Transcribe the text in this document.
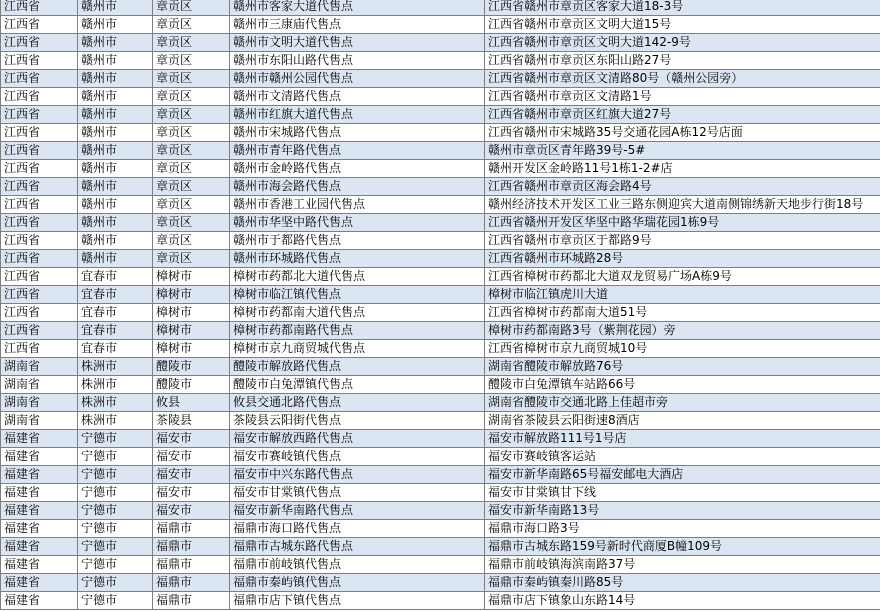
江西省	赣州市	章贡区	赣州市客家大道代售点	江西省赣州市章贡区客家大道18-3号
江西省	赣州市	章贡区	赣州市三康庙代售点	江西省赣州市章贡区文明大道15号
江西省	赣州市	章贡区	赣州市文明大道代售点	江西省赣州市章贡区文明大道142-9号
江西省	赣州市	章贡区	赣州市东阳山路代售点	江西省赣州市章贡区东阳山路27号
江西省	赣州市	章贡区	赣州市赣州公园代售点	江西省赣州市章贡区文清路80号（赣州公园旁）
江西省	赣州市	章贡区	赣州市文清路代售点	江西省赣州市章贡区文清路1号
江西省	赣州市	章贡区	赣州市红旗大道代售点	江西省赣州市章贡区红旗大道27号
江西省	赣州市	章贡区	赣州市宋城路代售点	江西省赣州市宋城路35号交通花园A栋12号店面
江西省	赣州市	章贡区	赣州市青年路代售点	赣州市章贡区青年路39号-5#
江西省	赣州市	章贡区	赣州市金岭路代售点	赣州开发区金岭路11号1栋1-2#店
江西省	赣州市	章贡区	赣州市海会路代售点	江西省赣州市章贡区海会路4号
江西省	赣州市	章贡区	赣州市香港工业园代售点	赣州经济技术开发区工业三路东侧迎宾大道南侧锦绣新天地步行街18号
江西省	赣州市	章贡区	赣州市华坚中路代售点	江西省赣州开发区华坚中路华瑞花园1栋9号
江西省	赣州市	章贡区	赣州市于都路代售点	江西省赣州市章贡区于都路9号
江西省	赣州市	章贡区	赣州市环城路代售点	江西省赣州市环城路28号
江西省	宜春市	樟树市	樟树市药都北大道代售点	江西省樟树市药都北大道双龙贸易广场A栋9号
江西省	宜春市	樟树市	樟树市临江镇代售点	樟树市临江镇虎川大道
江西省	宜春市	樟树市	樟树市药都南大道代售点	江西省樟树市药都南大道51号
江西省	宜春市	樟树市	樟树市药都南路代售点	樟树市药都南路3号（紫荆花园）旁
江西省	宜春市	樟树市	樟树市京九商贸城代售点	江西省樟树市京九商贸城10号
湖南省	株洲市	醴陵市	醴陵市解放路代售点	湖南省醴陵市解放路76号
湖南省	株洲市	醴陵市	醴陵市白兔潭镇代售点	醴陵市白兔潭镇车站路66号
湖南省	株洲市	攸县	攸县交通北路代售点	湖南省醴陵市交通北路上佳超市旁
湖南省	株洲市	茶陵县	茶陵县云阳街代售点	湖南省茶陵县云阳街速8酒店
福建省	宁德市	福安市	福安市解放西路代售点	福安市解放路111号1号店
福建省	宁德市	福安市	福安市赛岐镇代售点	福安市赛岐镇客运站
福建省	宁德市	福安市	福安市中兴东路代售点	福安市新华南路65号福安邮电大酒店
福建省	宁德市	福安市	福安市甘棠镇代售点	福安市甘棠镇甘下线
福建省	宁德市	福安市	福安市新华南路代售点	福安市新华南路13号
福建省	宁德市	福鼎市	福鼎市海口路代售点	福鼎市海口路3号
福建省	宁德市	福鼎市	福鼎市古城东路代售点	福鼎市古城东路159号新时代商厦B幢109号
福建省	宁德市	福鼎市	福鼎市前岐镇代售点	福鼎市前岐镇海滨南路37号
福建省	宁德市	福鼎市	福鼎市秦屿镇代售点	福鼎市秦屿镇秦川路85号
福建省	宁德市	福鼎市	福鼎市店下镇代售点	福鼎市店下镇象山东路14号
